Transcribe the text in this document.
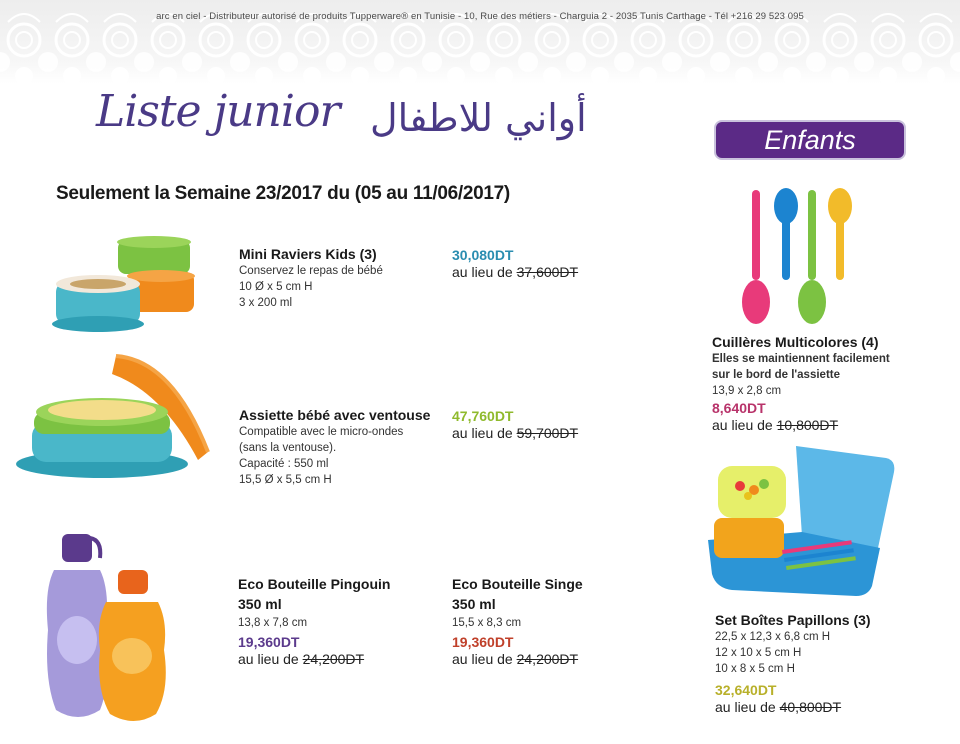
arc en ciel - Distributeur autorisé de produits Tupperware® en Tunisie - 10, Rue des métiers - Charguia 2 - 2035 Tunis Carthage - Tél +216 29 523 095
Liste junior أواني للاطفال
Seulement la Semaine 23/2017 du (05 au 11/06/2017)
Enfants
Mini Raviers Kids (3)
Conservez le repas de bébé
10 Ø x 5 cm H
3 x 200 ml
30,080DT
au lieu de 37,600DT
Assiette bébé avec ventouse
Compatible avec le micro-ondes
(sans la ventouse).
Capacité : 550 ml
15,5 Ø x 5,5 cm H
47,760DT
au lieu de 59,700DT
Eco Bouteille Pingouin
350 ml
13,8 x 7,8 cm
19,360DT
au lieu de 24,200DT
Eco Bouteille Singe
350 ml
15,5 x 8,3 cm
19,360DT
au lieu de 24,200DT
Cuillères Multicolores (4)
Elles se maintiennent facilement
sur le bord de l'assiette
13,9 x 2,8 cm
8,640DT
au lieu de 10,800DT
Set Boîtes Papillons (3)
22,5 x 12,3 x 6,8 cm H
12 x 10 x 5 cm H
10 x 8 x 5 cm H
32,640DT
au lieu de 40,800DT
